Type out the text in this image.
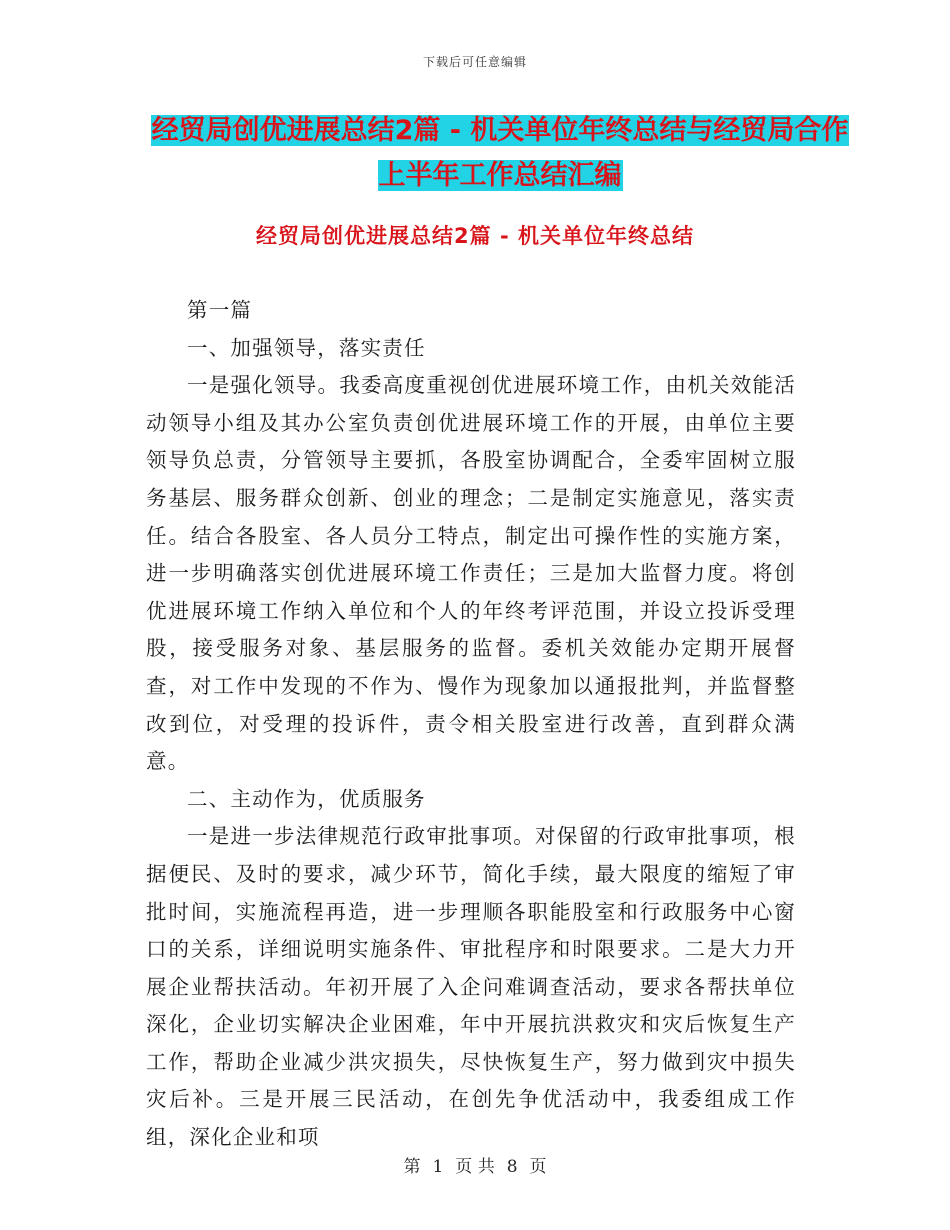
下载后可任意编辑
经贸局创优进展总结2篇 - 机关单位年终总结与经贸局合作上半年工作总结汇编
经贸局创优进展总结2篇 - 机关单位年终总结

第一篇

一、加强领导，落实责任

一是强化领导。我委高度重视创优进展环境工作，由机关效能活动领导小组及其办公室负责创优进展环境工作的开展，由单位主要领导负总责，分管领导主要抓，各股室协调配合，全委牢固树立服务基层、服务群众创新、创业的理念；二是制定实施意见，落实责任。结合各股室、各人员分工特点，制定出可操作性的实施方案，进一步明确落实创优进展环境工作责任；三是加大监督力度。将创优进展环境工作纳入单位和个人的年终考评范围，并设立投诉受理股，接受服务对象、基层服务的监督。委机关效能办定期开展督查，对工作中发现的不作为、慢作为现象加以通报批判，并监督整改到位，对受理的投诉件，责令相关股室进行改善，直到群众满意。

二、主动作为，优质服务

一是进一步法律规范行政审批事项。对保留的行政审批事项，根据便民、及时的要求，减少环节，简化手续，最大限度的缩短了审批时间，实施流程再造，进一步理顺各职能股室和行政服务中心窗口的关系，详细说明实施条件、审批程序和时限要求。二是大力开展企业帮扶活动。年初开展了入企问难调查活动，要求各帮扶单位深化，企业切实解决企业困难，年中开展抗洪救灾和灾后恢复生产工作，帮助企业减少洪灾损失，尽快恢复生产，努力做到灾中损失灾后补。三是开展三民活动，在创先争优活动中，我委组成工作组，深化企业和项

第 1 页 共 8 页
